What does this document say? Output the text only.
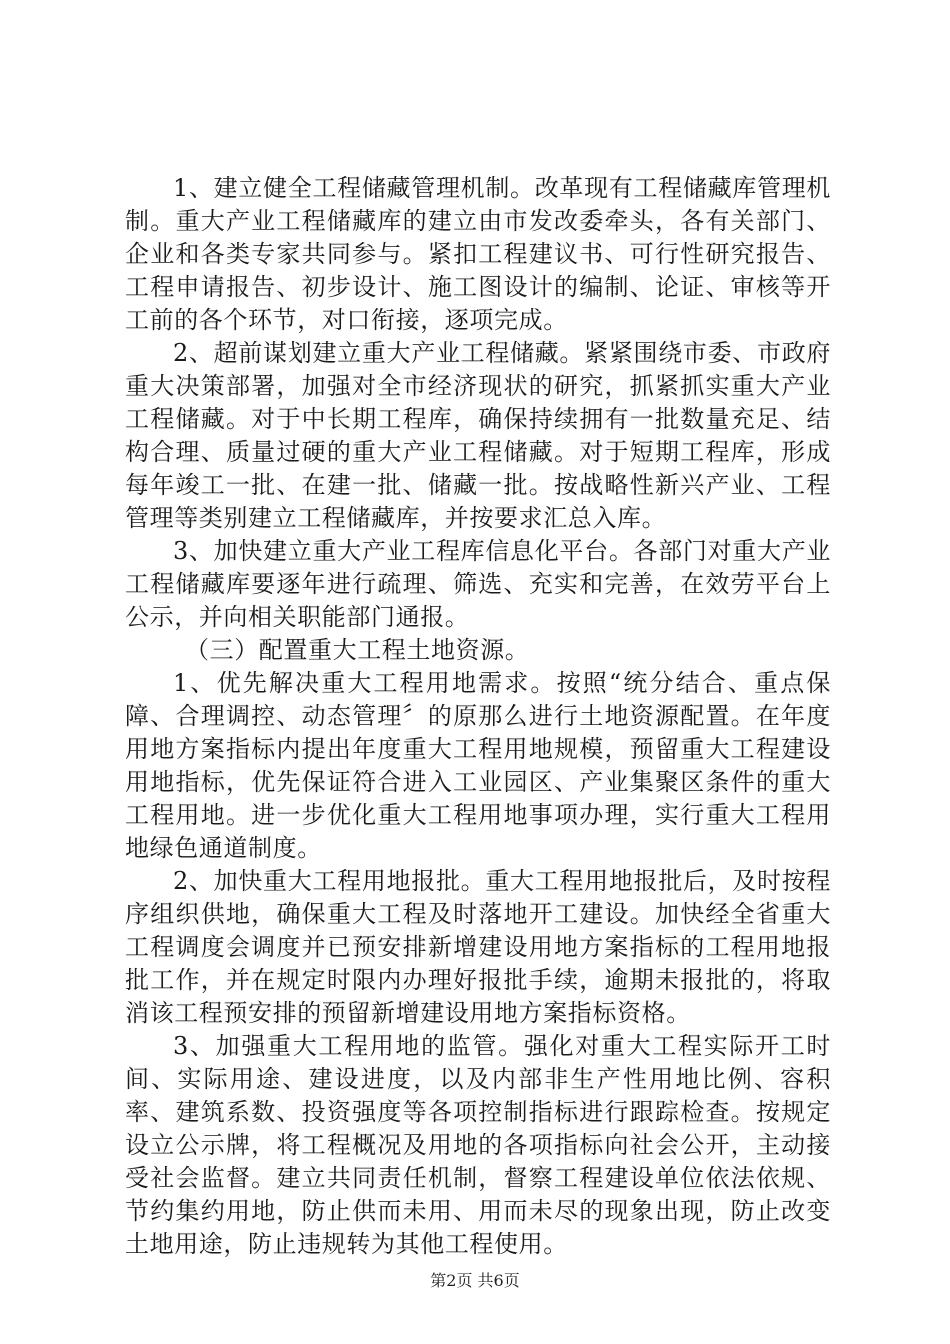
1、建立健全工程储藏管理机制。改革现有工程储藏库管理机制。重大产业工程储藏库的建立由市发改委牵头，各有关部门、企业和各类专家共同参与。紧扣工程建议书、可行性研究报告、工程申请报告、初步设计、施工图设计的编制、论证、审核等开工前的各个环节，对口衔接，逐项完成。

2、超前谋划建立重大产业工程储藏。紧紧围绕市委、市政府重大决策部署，加强对全市经济现状的研究，抓紧抓实重大产业工程储藏。对于中长期工程库，确保持续拥有一批数量充足、结构合理、质量过硬的重大产业工程储藏。对于短期工程库，形成每年竣工一批、在建一批、储藏一批。按战略性新兴产业、工程管理等类别建立工程储藏库，并按要求汇总入库。

3、加快建立重大产业工程库信息化平台。各部门对重大产业工程储藏库要逐年进行疏理、筛选、充实和完善，在效劳平台上公示，并向相关职能部门通报。

（三）配置重大工程土地资源。

1、优先解决重大工程用地需求。按照“统分结合、重点保障、合理调控、动态管理〞的原那么进行土地资源配置。在年度用地方案指标内提出年度重大工程用地规模，预留重大工程建设用地指标，优先保证符合进入工业园区、产业集聚区条件的重大工程用地。进一步优化重大工程用地事项办理，实行重大工程用地绿色通道制度。

2、加快重大工程用地报批。重大工程用地报批后，及时按程序组织供地，确保重大工程及时落地开工建设。加快经全省重大工程调度会调度并已预安排新增建设用地方案指标的工程用地报批工作，并在规定时限内办理好报批手续，逾期未报批的，将取消该工程预安排的预留新增建设用地方案指标资格。

3、加强重大工程用地的监管。强化对重大工程实际开工时间、实际用途、建设进度，以及内部非生产性用地比例、容积率、建筑系数、投资强度等各项控制指标进行跟踪检查。按规定设立公示牌，将工程概况及用地的各项指标向社会公开，主动接受社会监督。建立共同责任机制，督察工程建设单位依法依规、节约集约用地，防止供而未用、用而未尽的现象出现，防止改变土地用途，防止违规转为其他工程使用。

第2页 共6页
